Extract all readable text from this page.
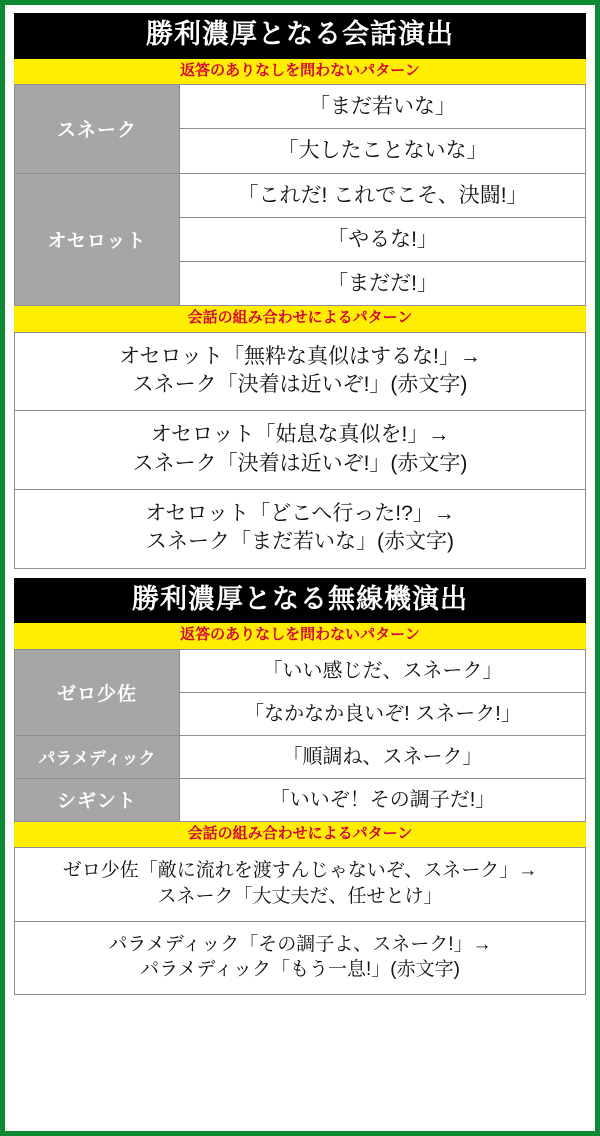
勝利濃厚となる会話演出
返答のありなしを問わないパターン
スネーク	「まだ若いな」
	「大したことないな」
オセロット	「これだ! これでこそ、決闘!」
	「やるな!」
	「まだだ!」
会話の組み合わせによるパターン
オセロット「無粋な真似はするな!」→
スネーク「決着は近いぞ!」(赤文字)
オセロット「姑息な真似を!」→
スネーク「決着は近いぞ!」(赤文字)
オセロット「どこへ行った!?」→
スネーク「まだ若いな」(赤文字)
勝利濃厚となる無線機演出
返答のありなしを問わないパターン
ゼロ少佐	「いい感じだ、スネーク」
	「なかなか良いぞ! スネーク!」
パラメディック	「順調ね、スネーク」
シギント	「いいぞ！その調子だ!」
会話の組み合わせによるパターン
ゼロ少佐「敵に流れを渡すんじゃないぞ、スネーク」→
スネーク「大丈夫だ、任せとけ」
パラメディック「その調子よ、スネーク!」→
パラメディック「もう一息!」(赤文字)
